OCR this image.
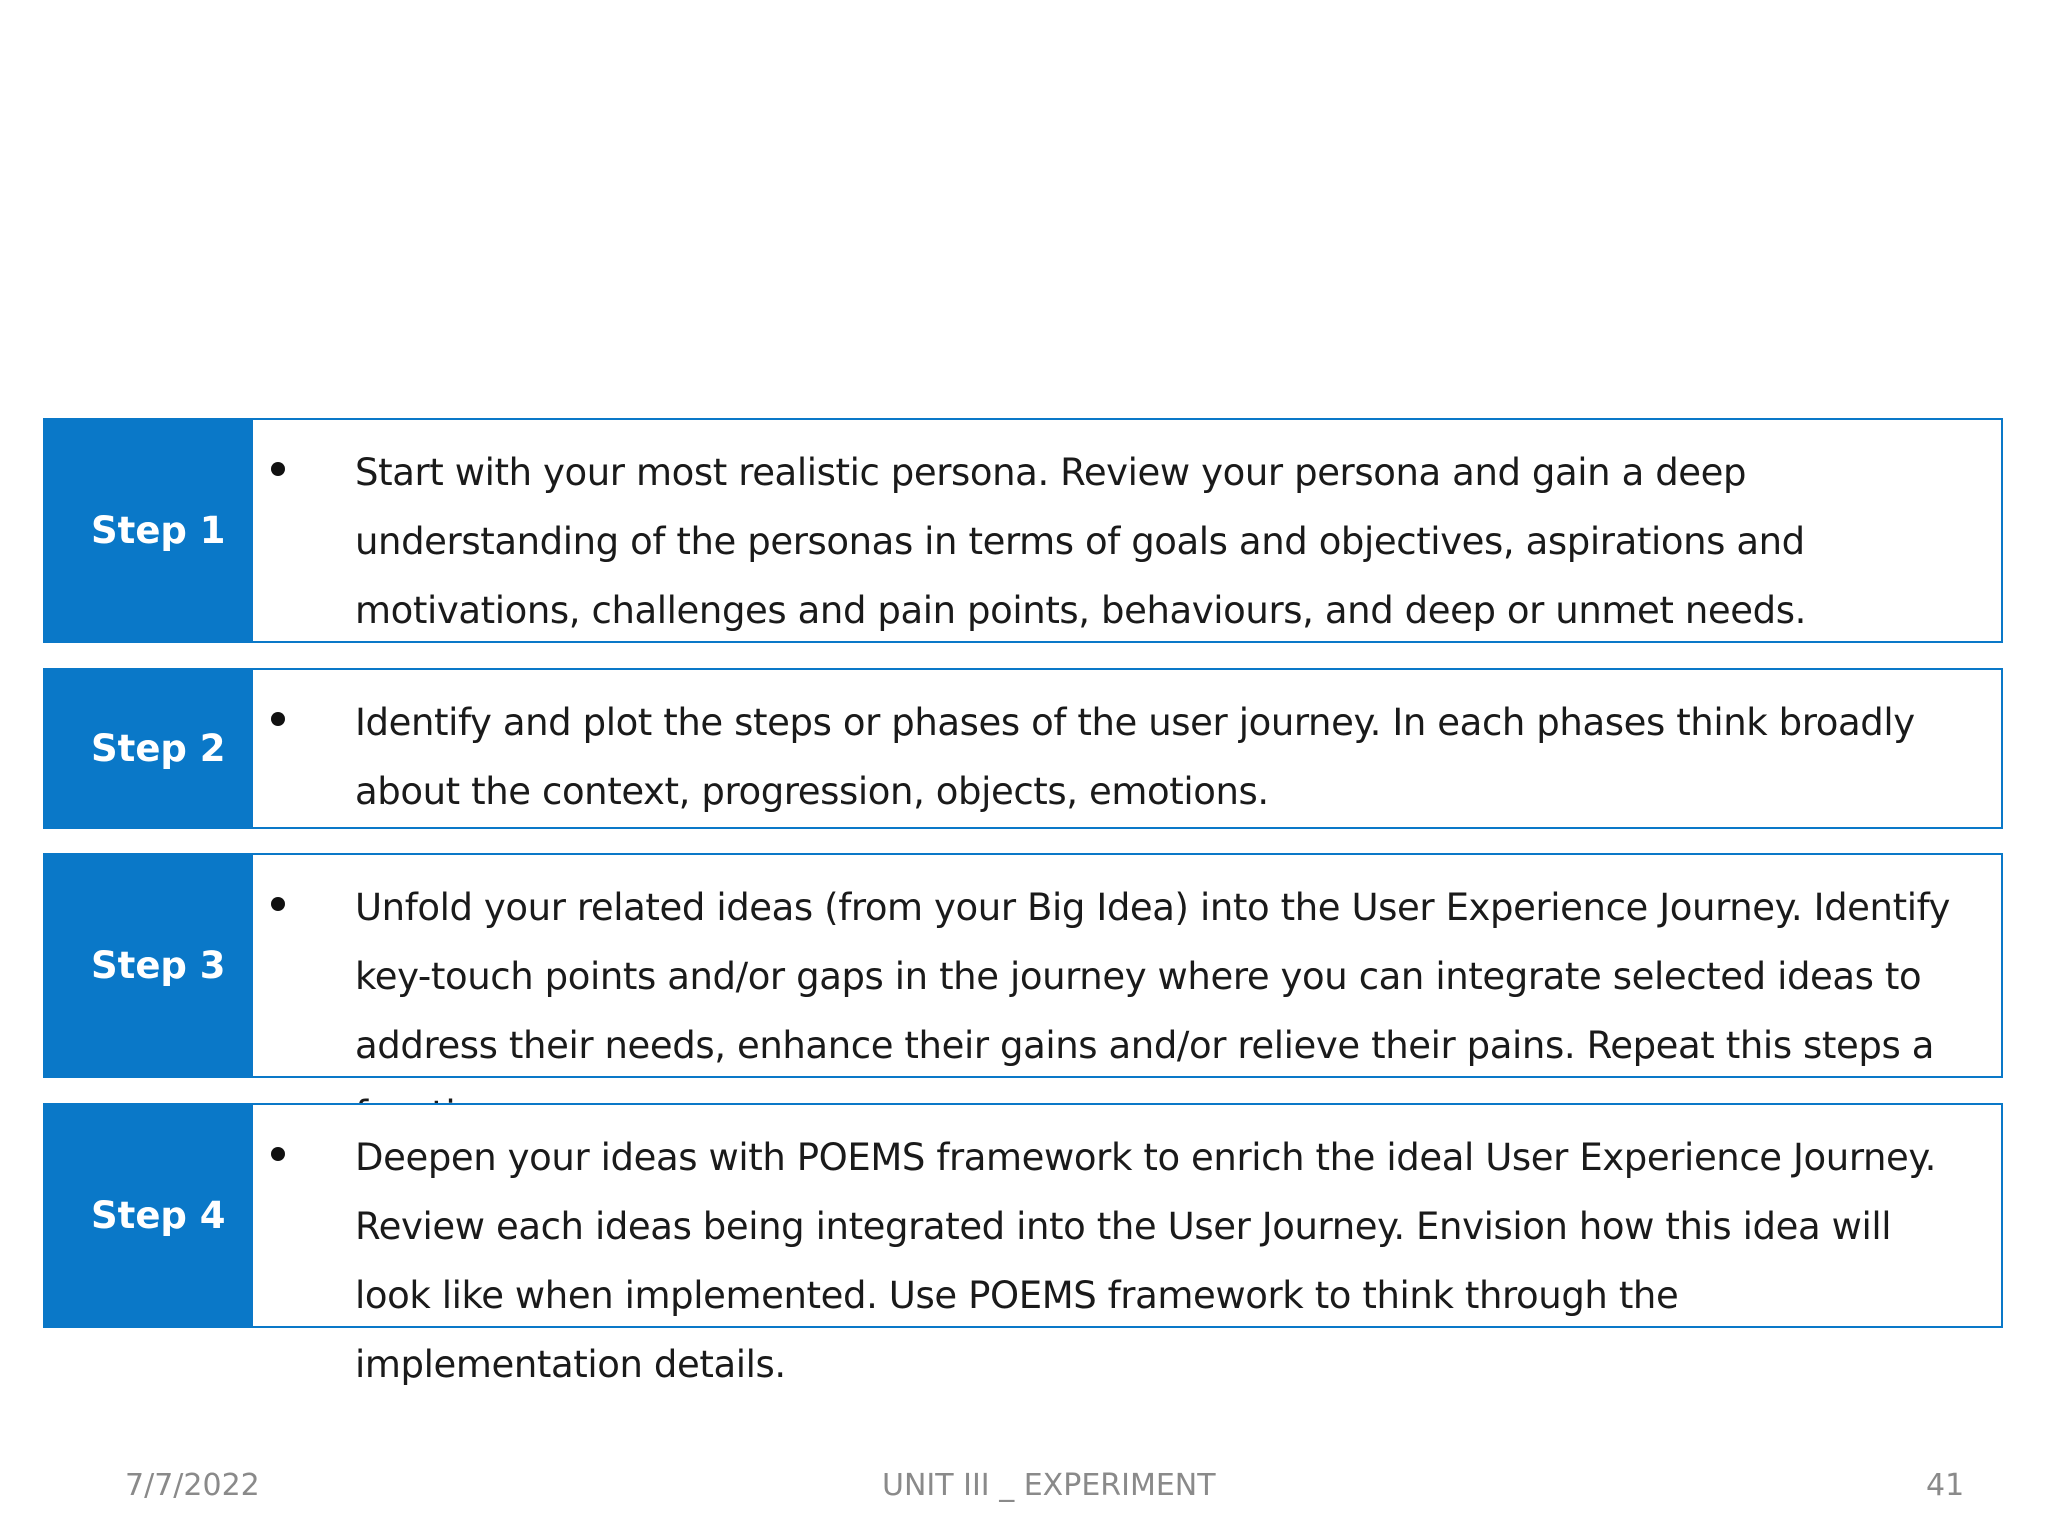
Step 1
Start with your most realistic persona. Review your persona and gain a deep understanding of the personas in terms of goals and objectives, aspirations and motivations, challenges and pain points, behaviours, and deep or unmet needs.
Step 2
Identify and plot the steps or phases of the user journey. In each phases think broadly about the context, progression, objects, emotions.
Step 3
Unfold your related ideas (from your Big Idea) into the User Experience Journey. Identify key-touch points and/or gaps in the journey where you can integrate selected ideas to address their needs, enhance their gains and/or relieve their pains. Repeat this steps a
Step 4
Deepen your ideas with POEMS framework to enrich the ideal User Experience Journey. Review each ideas being integrated into the User Journey. Envision how this idea will look like when implemented. Use POEMS framework to think through the implementation details.
7/7/2022	UNIT III _ EXPERIMENT	41
